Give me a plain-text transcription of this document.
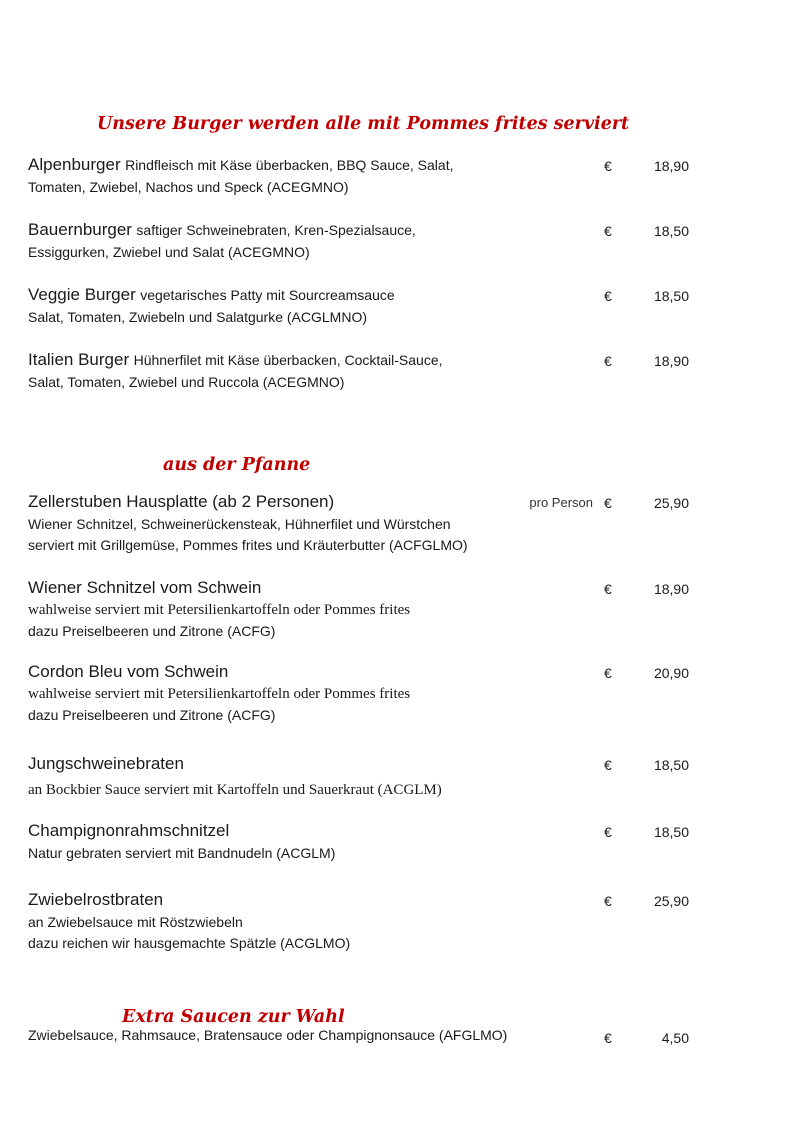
Unsere Burger werden alle mit Pommes frites serviert
Alpenburger Rindfleisch mit Käse überbacken, BBQ Sauce, Salat,	€	18,90
Tomaten, Zwiebel, Nachos und Speck (ACEGMNO)
Bauernburger saftiger Schweinebraten, Kren-Spezialsauce,	€	18,50
Essiggurken, Zwiebel und Salat (ACEGMNO)
Veggie Burger vegetarisches Patty mit Sourcreamsauce	€	18,50
Salat, Tomaten, Zwiebeln und Salatgurke (ACGLMNO)
Italien Burger Hühnerfilet mit Käse überbacken, Cocktail-Sauce,	€	18,90
Salat, Tomaten, Zwiebel und Ruccola (ACEGMNO)
aus der Pfanne
Zellerstuben Hausplatte (ab 2 Personen)	pro Person €	25,90
Wiener Schnitzel, Schweinerückensteak, Hühnerfilet und Würstchen
serviert mit Grillgemüse, Pommes frites und Kräuterbutter (ACFGLMO)
Wiener Schnitzel vom Schwein	€	18,90
wahlweise serviert mit Petersilienkartoffeln oder Pommes frites
dazu Preiselbeeren und Zitrone (ACFG)
Cordon Bleu vom Schwein	€	20,90
wahlweise serviert mit Petersilienkartoffeln oder Pommes frites
dazu Preiselbeeren und Zitrone (ACFG)
Jungschweinebraten	€	18,50
an Bockbier Sauce serviert mit Kartoffeln und Sauerkraut (ACGLM)
Champignonrahmschnitzel	€	18,50
Natur gebraten serviert mit Bandnudeln (ACGLM)
Zwiebelrostbraten	€	25,90
an Zwiebelsauce mit Röstzwiebeln
dazu reichen wir hausgemachte Spätzle (ACGLMO)
Extra Saucen zur Wahl
Zwiebelsauce, Rahmsauce, Bratensauce oder Champignonsauce (AFGLMO)	€	4,50
